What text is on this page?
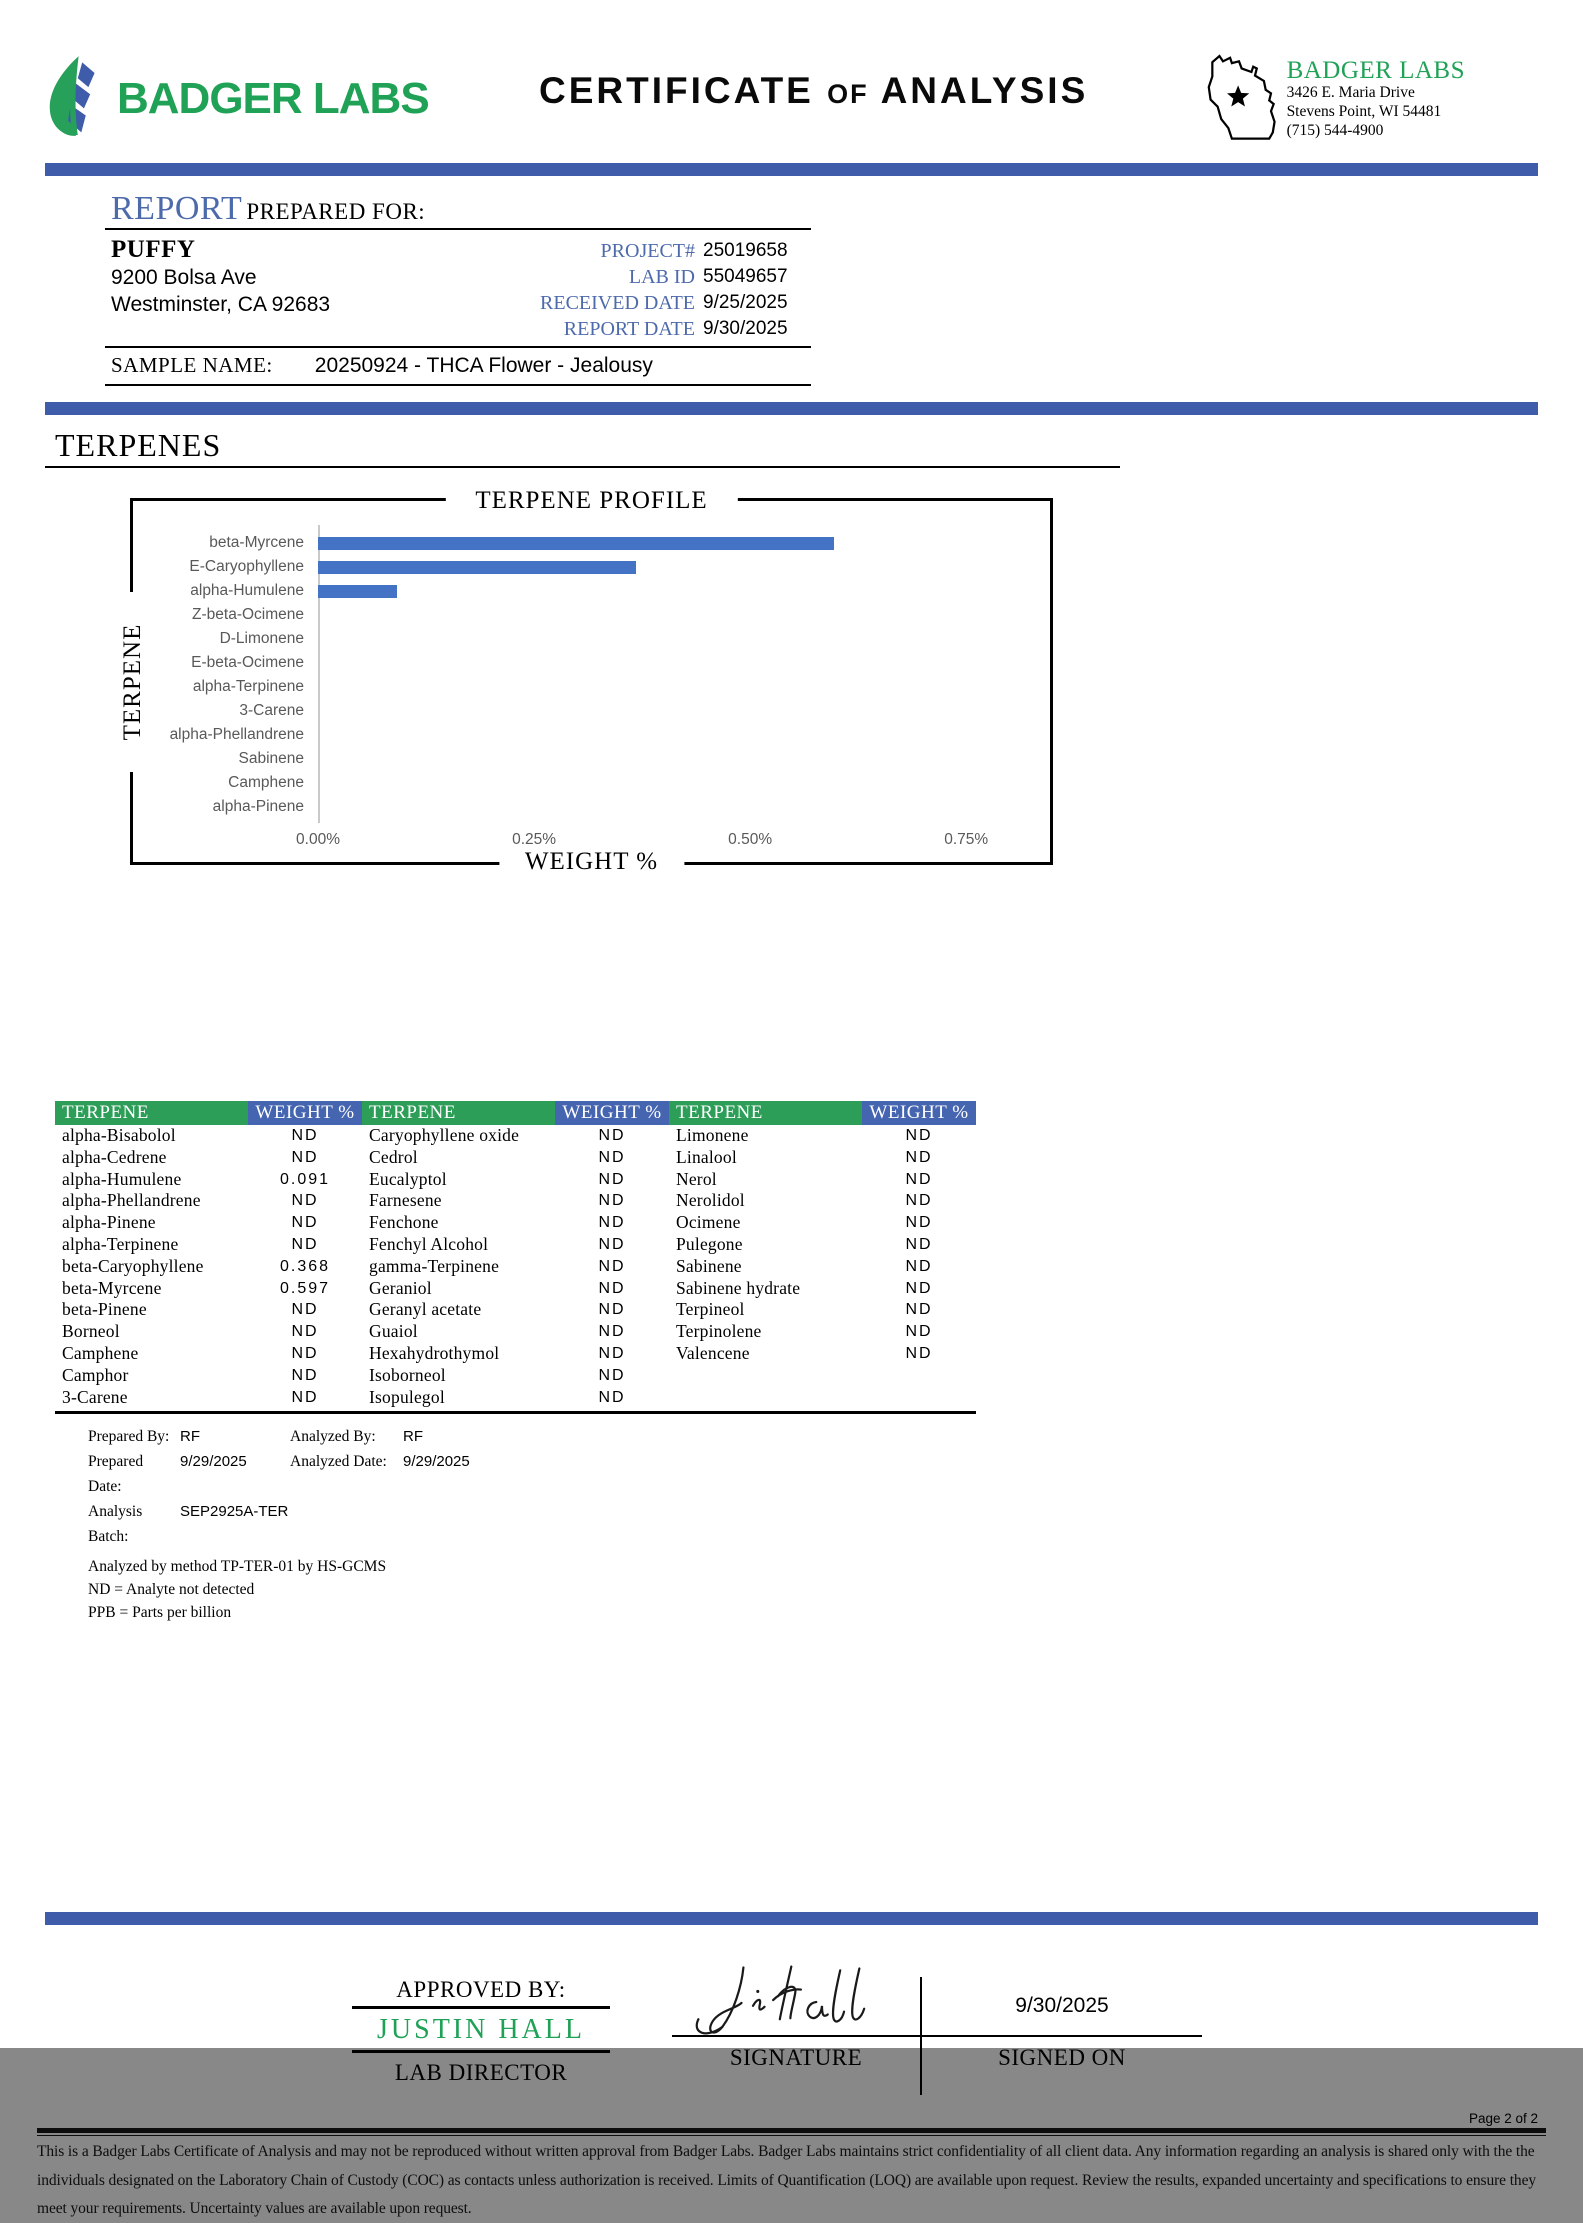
BADGER LABS	CERTIFICATE OF ANALYSIS	BADGER LABS
3426 E. Maria Drive
Stevens Point, WI 54481
(715) 544-4900
REPORT PREPARED FOR:
PUFFY
9200 Bolsa Ave
Westminster, CA 92683
PROJECT# 25019658
LAB ID 55049657
RECEIVED DATE 9/25/2025
REPORT DATE 9/30/2025
SAMPLE NAME: 20250924 - THCA Flower - Jealousy
TERPENES
TERPENE PROFILE
TERPENE
WEIGHT %
beta-Myrcene
E-Caryophyllene
alpha-Humulene
Z-beta-Ocimene
D-Limonene
E-beta-Ocimene
alpha-Terpinene
3-Carene
alpha-Phellandrene
Sabinene
Camphene
alpha-Pinene
0.00%	0.25%	0.50%	0.75%
TERPENE	WEIGHT %
alpha-Bisabolol	ND
alpha-Cedrene	ND
alpha-Humulene	0.091
alpha-Phellandrene	ND
alpha-Pinene	ND
alpha-Terpinene	ND
beta-Caryophyllene	0.368
beta-Myrcene	0.597
beta-Pinene	ND
Borneol	ND
Camphene	ND
Camphor	ND
3-Carene	ND
TERPENE	WEIGHT %
Caryophyllene oxide	ND
Cedrol	ND
Eucalyptol	ND
Farnesene	ND
Fenchone	ND
Fenchyl Alcohol	ND
gamma-Terpinene	ND
Geraniol	ND
Geranyl acetate	ND
Guaiol	ND
Hexahydrothymol	ND
Isoborneol	ND
Isopulegol	ND
TERPENE	WEIGHT %
Limonene	ND
Linalool	ND
Nerol	ND
Nerolidol	ND
Ocimene	ND
Pulegone	ND
Sabinene	ND
Sabinene hydrate	ND
Terpineol	ND
Terpinolene	ND
Valencene	ND
Prepared By: RF	Analyzed By:	RF
Prepared Date:
9/29/2025	Analyzed Date:	9/29/2025
Analysis Batch:
SEP2925A-TER
Analyzed by method TP-TER-01 by HS-GCMS
ND = Analyte not detected
PPB = Parts per billion
APPROVED BY:
JUSTIN HALL
LAB DIRECTOR
SIGNATURE
9/30/2025
SIGNED ON
Page 2 of 2
This is a Badger Labs Certificate of Analysis and may not be reproduced without written approval from Badger Labs. Badger Labs maintains strict confidentiality of all client data. Any information regarding an analysis is shared only with the the individuals designated on the Laboratory Chain of Custody (COC) as contacts unless authorization is received. Limits of Quantification (LOQ) are available upon request. Review the results, expanded uncertainty and specifications to ensure they meet your requirements. Uncertainty values are available upon request.
